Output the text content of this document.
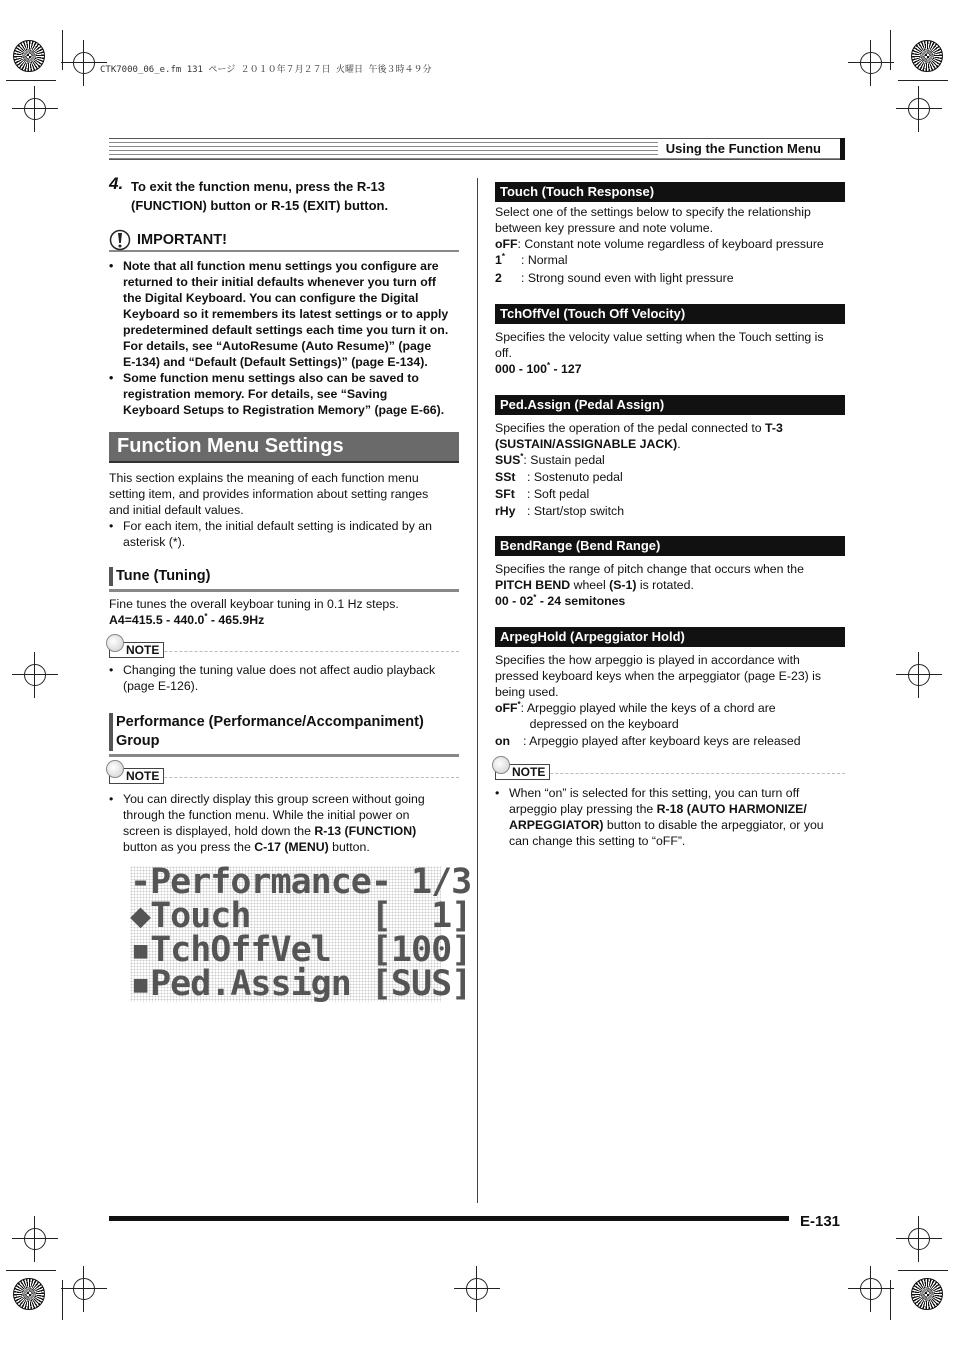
CTK7000_06_e.fm 131 ページ ２０１０年７月２７日 火曜日 午後３時４９分
Using the Function Menu
4. To exit the function menu, press the R-13
(FUNCTION) button or R-15 (EXIT) button.
IMPORTANT!
• Note that all function menu settings you configure are
returned to their initial defaults whenever you turn off
the Digital Keyboard. You can configure the Digital
Keyboard so it remembers its latest settings or to apply
predetermined default settings each time you turn it on.
For details, see “AutoResume (Auto Resume)” (page
E-134) and “Default (Default Settings)” (page E-134).
• Some function menu settings also can be saved to
registration memory. For details, see “Saving
Keyboard Setups to Registration Memory” (page E-66).
Function Menu Settings
This section explains the meaning of each function menu
setting item, and provides information about setting ranges
and initial default values.
• For each item, the initial default setting is indicated by an
asterisk (*).
Tune (Tuning)
Fine tunes the overall keyboar tuning in 0.1 Hz steps.
A4=415.5 - 440.0* - 465.9Hz
NOTE
• Changing the tuning value does not affect audio playback
(page E-126).
Performance (Performance/Accompaniment)
Group
NOTE
• You can directly display this group screen without going
through the function menu. While the initial power on
screen is displayed, hold down the R-13 (FUNCTION)
button as you press the C-17 (MENU) button.
-Performance- 1/3
◆Touch      [  1]
▪TchOffVel  [100]
▪Ped.Assign [SUS]
Touch (Touch Response)
Select one of the settings below to specify the relationship
between key pressure and note volume.
oFF : Constant note volume regardless of keyboard pressure
1*	: Normal
2	: Strong sound even with light pressure
TchOffVel (Touch Off Velocity)
Specifies the velocity value setting when the Touch setting is
off.
000 - 100* - 127
Ped.Assign (Pedal Assign)
Specifies the operation of the pedal connected to T-3
(SUSTAIN/ASSIGNABLE JACK).
SUS* : Sustain pedal
SSt : Sostenuto pedal
SFt : Soft pedal
rHy : Start/stop switch
BendRange (Bend Range)
Specifies the range of pitch change that occurs when the
PITCH BEND wheel (S-1) is rotated.
00 - 02* - 24 semitones
ArpegHold (Arpeggiator Hold)
Specifies the how arpeggio is played in accordance with
pressed keyboard keys when the arpeggiator (page E-23) is
being used.
oFF* : Arpeggio played while the keys of a chord are
depressed on the keyboard
on	: Arpeggio played after keyboard keys are released
NOTE
• When “on” is selected for this setting, you can turn off
arpeggio play pressing the R-18 (AUTO HARMONIZE/
ARPEGGIATOR) button to disable the arpeggiator, or you
can change this setting to “oFF”.
E-131
